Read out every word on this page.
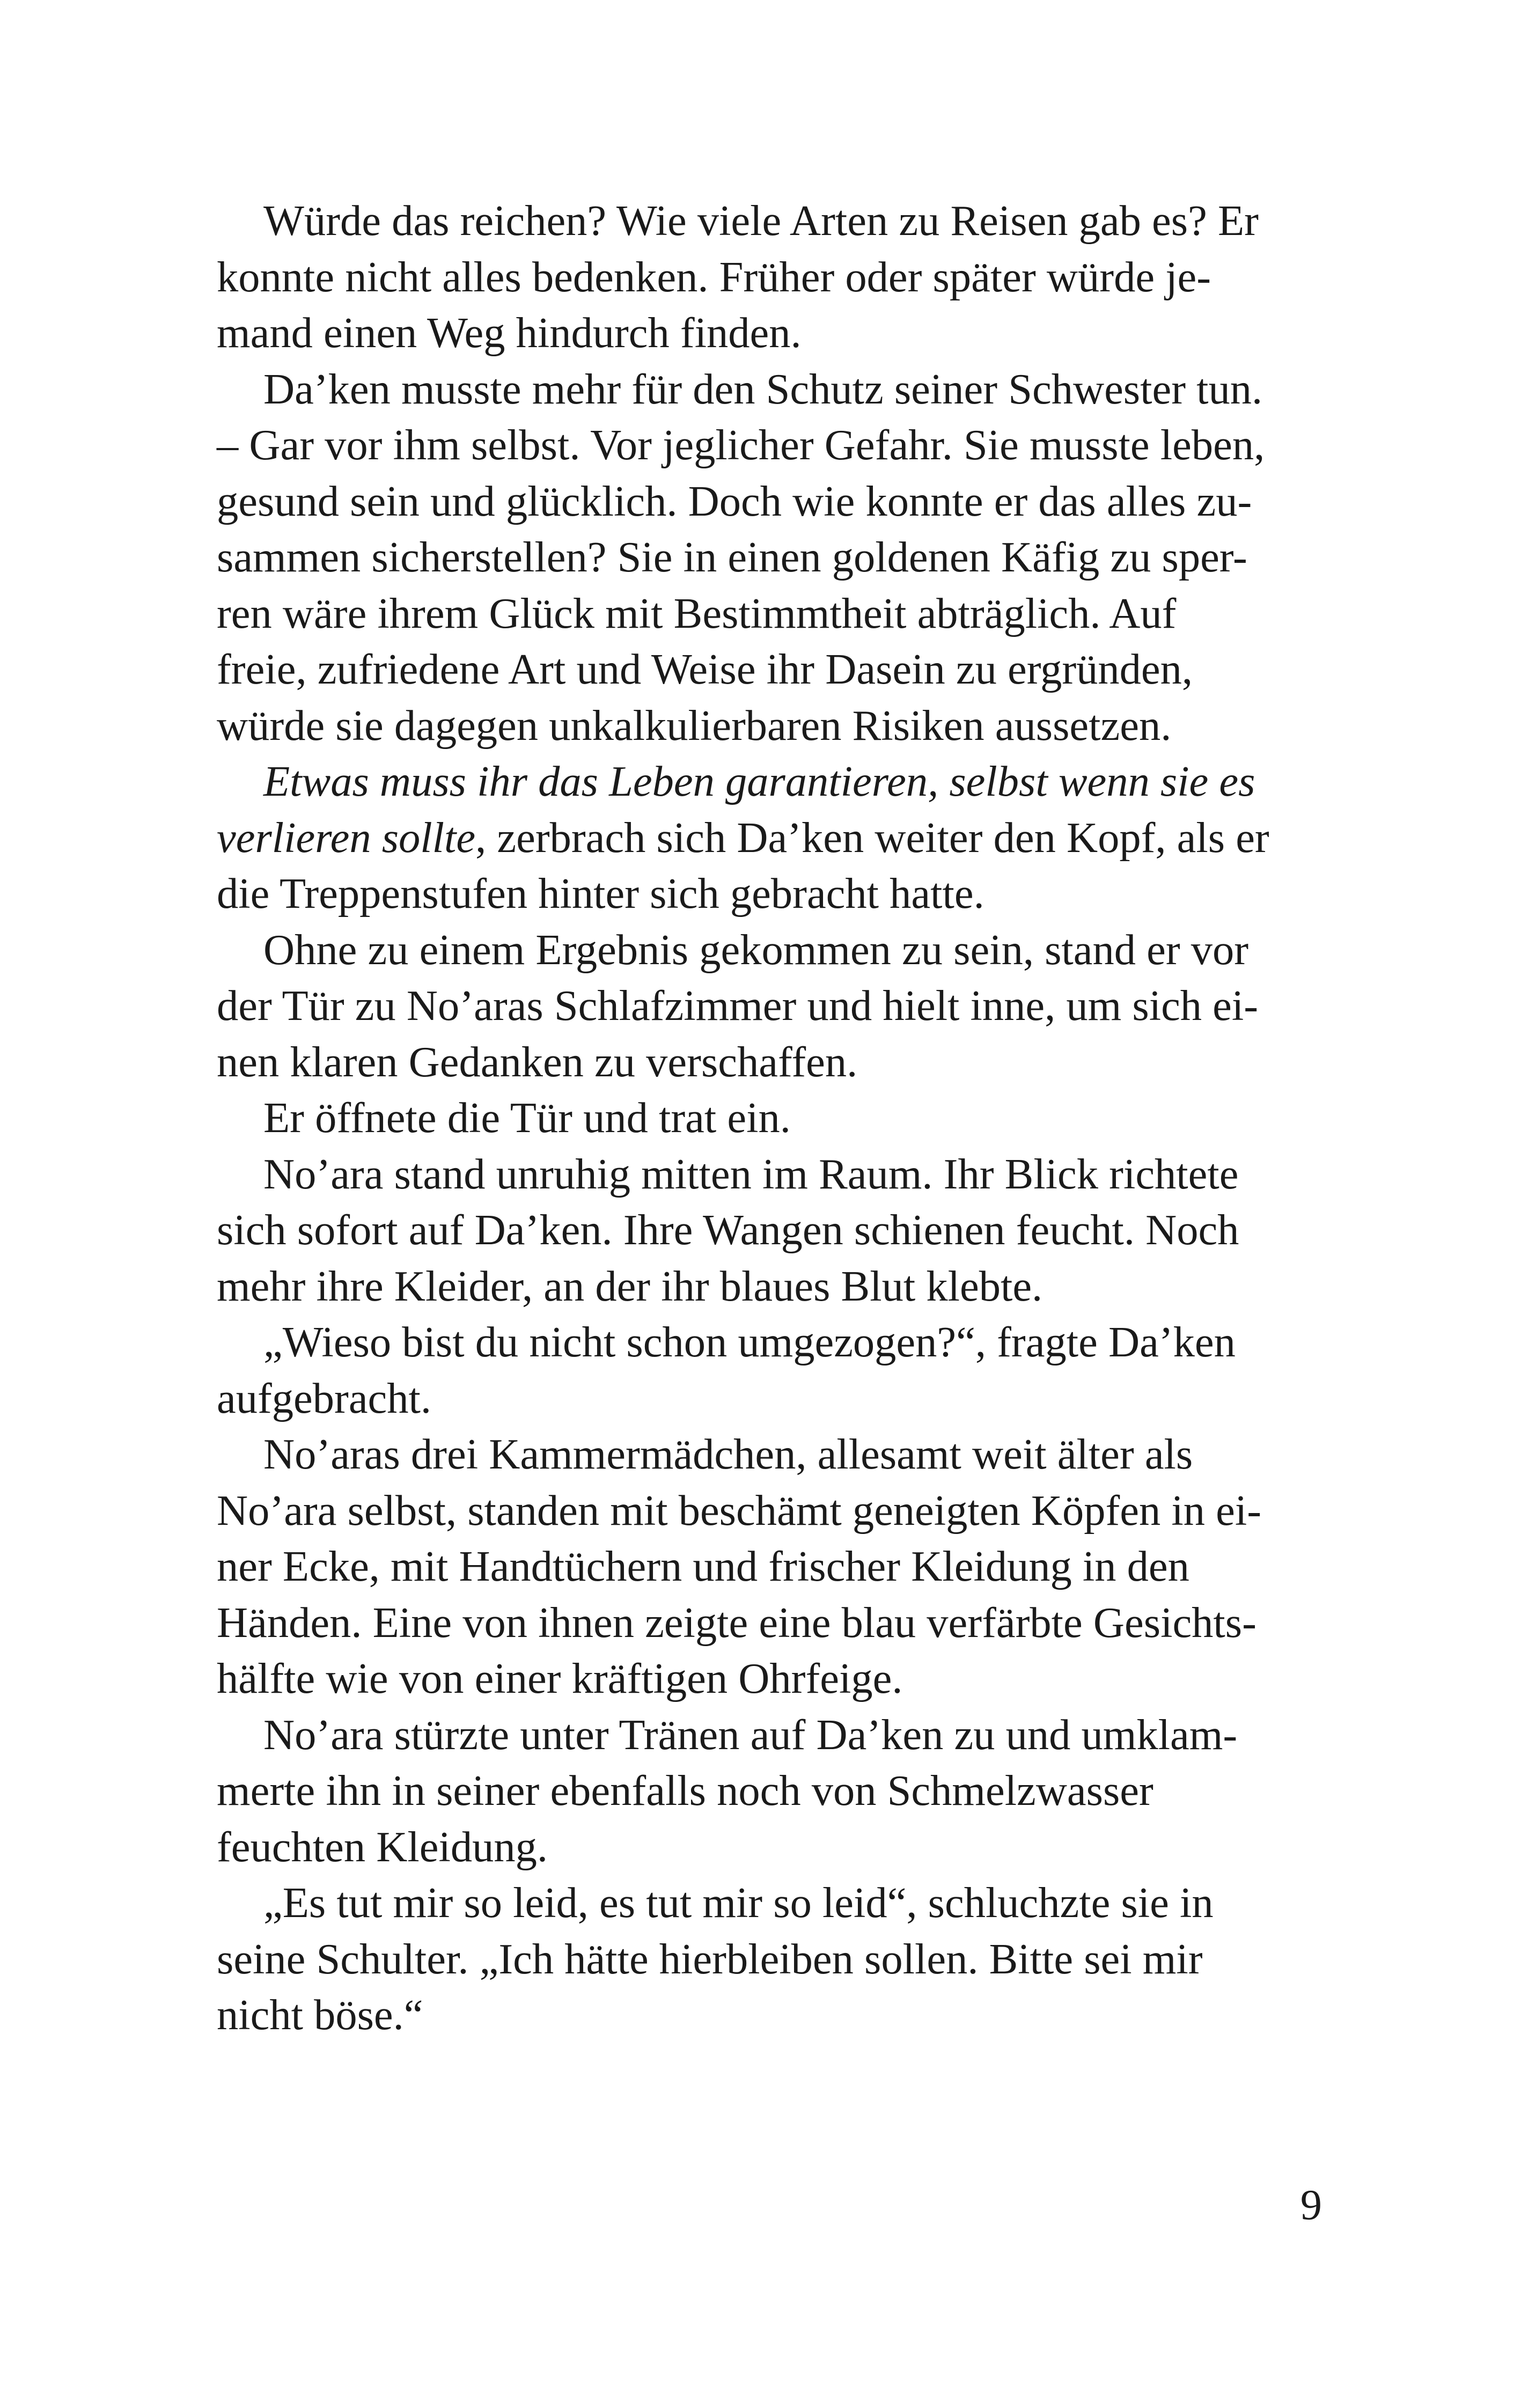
Würde das reichen? Wie viele Arten zu Reisen gab es? Er
konnte nicht alles bedenken. Früher oder später würde je-
mand einen Weg hindurch finden.

Da’ken musste mehr für den Schutz seiner Schwester tun.
– Gar vor ihm selbst. Vor jeglicher Gefahr. Sie musste leben,
gesund sein und glücklich. Doch wie konnte er das alles zu-
sammen sicherstellen? Sie in einen goldenen Käfig zu sper-
ren wäre ihrem Glück mit Bestimmtheit abträglich. Auf
freie, zufriedene Art und Weise ihr Dasein zu ergründen,
würde sie dagegen unkalkulierbaren Risiken aussetzen.

Etwas muss ihr das Leben garantieren, selbst wenn sie es
verlieren sollte, zerbrach sich Da’ken weiter den Kopf, als er
die Treppenstufen hinter sich gebracht hatte.

Ohne zu einem Ergebnis gekommen zu sein, stand er vor
der Tür zu No’aras Schlafzimmer und hielt inne, um sich ei-
nen klaren Gedanken zu verschaffen.

Er öffnete die Tür und trat ein.

No’ara stand unruhig mitten im Raum. Ihr Blick richtete
sich sofort auf Da’ken. Ihre Wangen schienen feucht. Noch
mehr ihre Kleider, an der ihr blaues Blut klebte.

„Wieso bist du nicht schon umgezogen?“, fragte Da’ken
aufgebracht.

No’aras drei Kammermädchen, allesamt weit älter als
No’ara selbst, standen mit beschämt geneigten Köpfen in ei-
ner Ecke, mit Handtüchern und frischer Kleidung in den
Händen. Eine von ihnen zeigte eine blau verfärbte Gesichts-
hälfte wie von einer kräftigen Ohrfeige.

No’ara stürzte unter Tränen auf Da’ken zu und umklam-
merte ihn in seiner ebenfalls noch von Schmelzwasser
feuchten Kleidung.

„Es tut mir so leid, es tut mir so leid“, schluchzte sie in
seine Schulter. „Ich hätte hierbleiben sollen. Bitte sei mir
nicht böse.“

9
